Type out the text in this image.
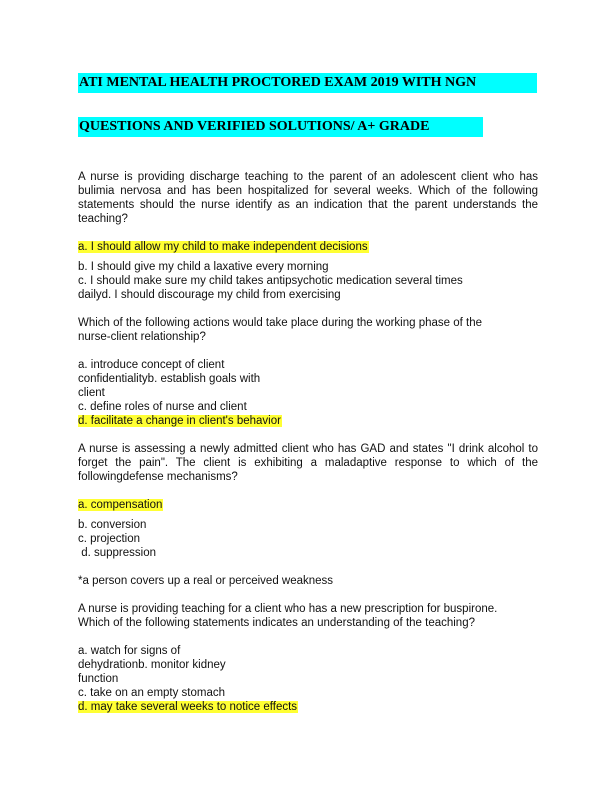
ATI MENTAL HEALTH PROCTORED EXAM 2019 WITH NGN
QUESTIONS AND VERIFIED SOLUTIONS/ A+ GRADE

A nurse is providing discharge teaching to the parent of an adolescent client who has bulimia nervosa and has been hospitalized for several weeks. Which of the following statements should the nurse identify as an indication that the parent understands the teaching?

a. I should allow my child to make independent decisions
b. I should give my child a laxative every morning
c. I should make sure my child takes antipsychotic medication several times
dailyd. I should discourage my child from exercising
Which of the following actions would take place during the working phase of the
nurse-client relationship?
a. introduce concept of client
confidentialityb. establish goals with
client
c. define roles of nurse and client
d. facilitate a change in client's behavior

A nurse is assessing a newly admitted client who has GAD and states "I drink alcohol to forget the pain". The client is exhibiting a maladaptive response to which of the followingdefense mechanisms?

a. compensation
b. conversion
c. projection
d. suppression

*a person covers up a real or perceived weakness

A nurse is providing teaching for a client who has a new prescription for buspirone.
Which of the following statements indicates an understanding of the teaching?
a. watch for signs of
dehydrationb. monitor kidney
function
c. take on an empty stomach
d. may take several weeks to notice effects
